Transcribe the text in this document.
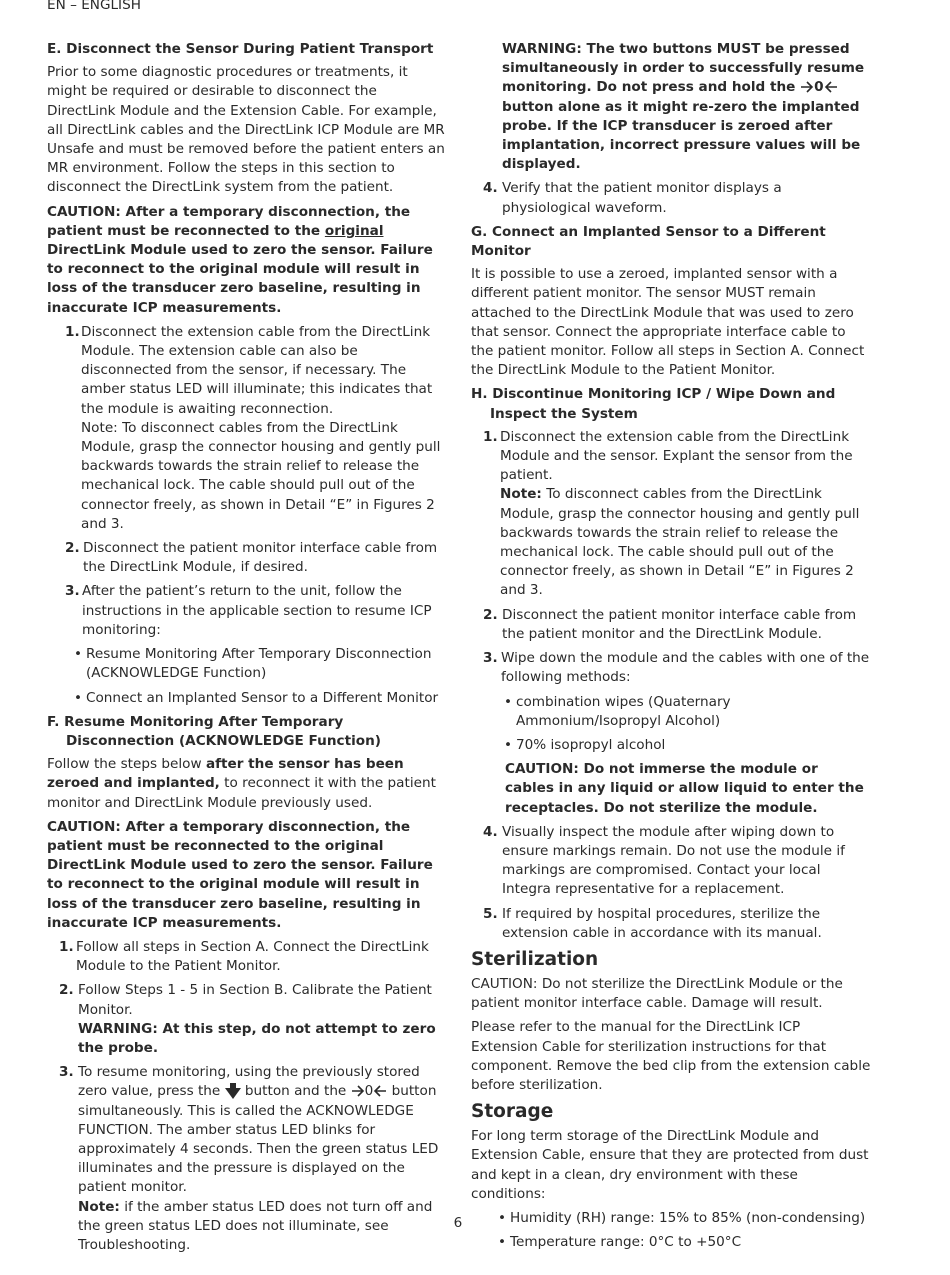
EN – ENGLISH
E. Disconnect the Sensor During Patient Transport

Prior to some diagnostic procedures or treatments, it might be required or desirable to disconnect the DirectLink Module and the Extension Cable. For example, all DirectLink cables and the DirectLink ICP Module are MR Unsafe and must be removed before the patient enters an MR environment. Follow the steps in this section to disconnect the DirectLink system from the patient.

CAUTION: After a temporary disconnection, the patient must be reconnected to the original DirectLink Module used to zero the sensor. Failure to reconnect to the original module will result in loss of the transducer zero baseline, resulting in inaccurate ICP measurements.

1. Disconnect the extension cable from the DirectLink Module. The extension cable can also be disconnected from the sensor, if necessary. The amber status LED will illuminate; this indicates that the module is awaiting reconnection.
Note: To disconnect cables from the DirectLink Module, grasp the connector housing and gently pull backwards towards the strain relief to release the mechanical lock. The cable should pull out of the connector freely, as shown in Detail “E” in Figures 2 and 3.
2. Disconnect the patient monitor interface cable from the DirectLink Module, if desired.
3. After the patient’s return to the unit, follow the instructions in the applicable section to resume ICP monitoring:
• Resume Monitoring After Temporary Disconnection (ACKNOWLEDGE Function)
• Connect an Implanted Sensor to a Different Monitor
F. Resume Monitoring After Temporary Disconnection (ACKNOWLEDGE Function)

Follow the steps below after the sensor has been zeroed and implanted, to reconnect it with the patient monitor and DirectLink Module previously used.

CAUTION: After a temporary disconnection, the patient must be reconnected to the original DirectLink Module used to zero the sensor. Failure to reconnect to the original module will result in loss of the transducer zero baseline, resulting in inaccurate ICP measurements.

1. Follow all steps in Section A. Connect the DirectLink Module to the Patient Monitor.
2. Follow Steps 1 - 5 in Section B. Calibrate the Patient Monitor.
WARNING: At this step, do not attempt to zero the probe.
3. To resume monitoring, using the previously stored zero value, press the  button and the 0 button simultaneously. This is called the ACKNOWLEDGE FUNCTION. The amber status LED blinks for approximately 4 seconds. Then the green status LED illuminates and the pressure is displayed on the patient monitor.
Note: if the amber status LED does not turn off and the green status LED does not illuminate, see Troubleshooting.

WARNING: The two buttons MUST be pressed simultaneously in order to successfully resume monitoring. Do not press and hold the 0 button alone as it might re-zero the implanted probe. If the ICP transducer is zeroed after implantation, incorrect pressure values will be displayed.

4. Verify that the patient monitor displays a physiological waveform.
G. Connect an Implanted Sensor to a Different Monitor

It is possible to use a zeroed, implanted sensor with a different patient monitor. The sensor MUST remain attached to the DirectLink Module that was used to zero that sensor. Connect the appropriate interface cable to the patient monitor. Follow all steps in Section A. Connect the DirectLink Module to the Patient Monitor.

H. Discontinue Monitoring ICP / Wipe Down and Inspect the System
1. Disconnect the extension cable from the DirectLink Module and the sensor. Explant the sensor from the patient.
Note: To disconnect cables from the DirectLink Module, grasp the connector housing and gently pull backwards towards the strain relief to release the mechanical lock. The cable should pull out of the connector freely, as shown in Detail “E” in Figures 2 and 3.
2. Disconnect the patient monitor interface cable from the patient monitor and the DirectLink Module.
3. Wipe down the module and the cables with one of the following methods:
• combination wipes (Quaternary Ammonium/Isopropyl Alcohol)
• 70% isopropyl alcohol

CAUTION: Do not immerse the module or cables in any liquid or allow liquid to enter the receptacles. Do not sterilize the module.

4. Visually inspect the module after wiping down to ensure markings remain. Do not use the module if markings are compromised. Contact your local Integra representative for a replacement.
5. If required by hospital procedures, sterilize the extension cable in accordance with its manual.
Sterilization

CAUTION: Do not sterilize the DirectLink Module or the patient monitor interface cable. Damage will result.

Please refer to the manual for the DirectLink ICP Extension Cable for sterilization instructions for that component. Remove the bed clip from the extension cable before sterilization.

Storage

For long term storage of the DirectLink Module and Extension Cable, ensure that they are protected from dust and kept in a clean, dry environment with these conditions:

• Humidity (RH) range: 15% to 85% (non-condensing)
• Temperature range: 0°C to +50°C
6
